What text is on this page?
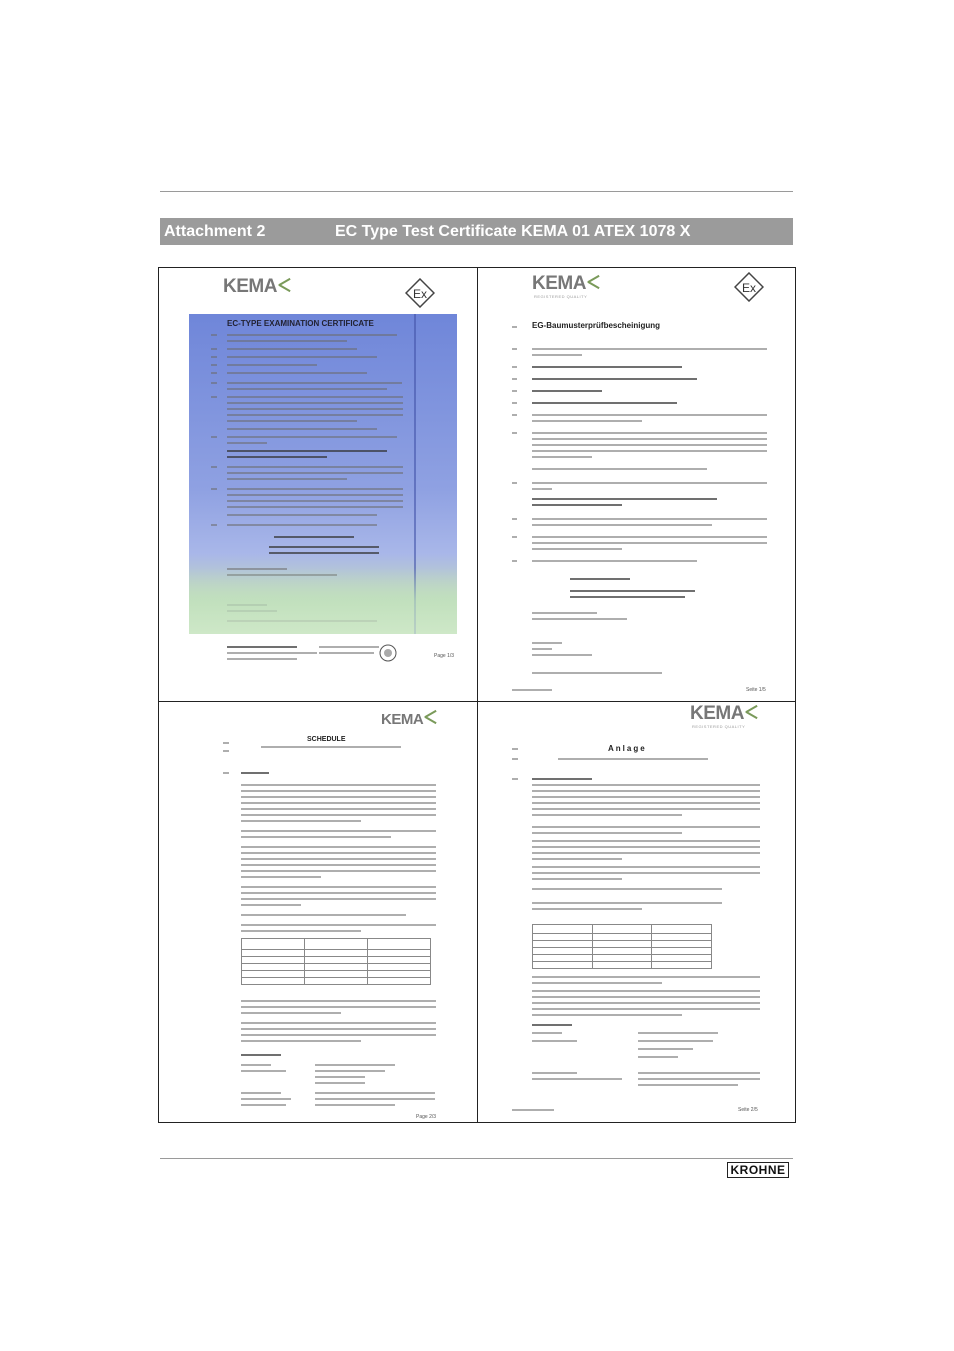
Attachment 2	EC Type Test Certificate KEMA 01 ATEX 1078 X
KEMA	Ex
EC-TYPE EXAMINATION CERTIFICATE
Page 1/3
KEMA
REGISTERED QUALITY
Ex
EG-Baumusterprüfbescheinigung
Seite 1/5
KEMA
SCHEDULE

Page 2/3
KEMA
REGISTERED QUALITY
Anlage

Seite 2/5
KROHNE
